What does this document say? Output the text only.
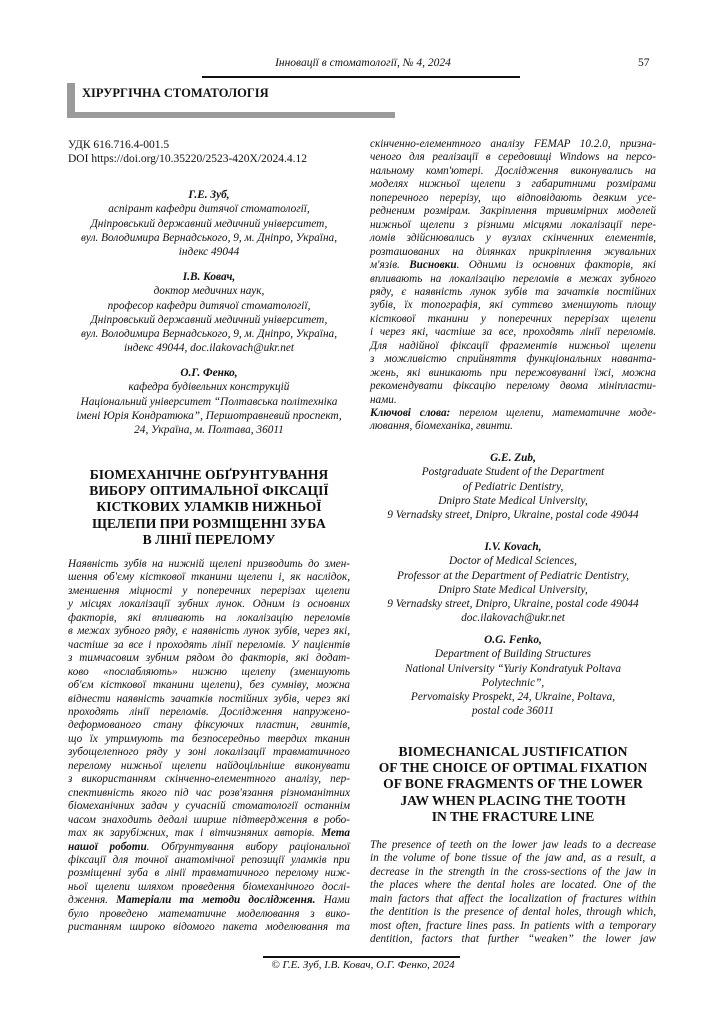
Інновації в стоматології, № 4, 2024	57
ХІРУРГІЧНА СТОМАТОЛОГІЯ
УДК 616.716.4-001.5
DOI https://doi.org/10.35220/2523-420X/2024.4.12
Г.Е. Зуб,
аспірант кафедри дитячої стоматології,
Дніпровський державний медичний університет,
вул. Володимира Вернадського, 9, м. Дніпро, Україна,
індекс 49044
І.В. Ковач,
доктор медичних наук,
професор кафедри дитячої стоматології,
Дніпровський державний медичний університет,
вул. Володимира Вернадського, 9, м. Дніпро, Україна,
індекс 49044, doc.ilakovach@ukr.net
О.Г. Фенко,
кафедра будівельних конструкцій
Національний університет “Полтавська політехніка
імені Юрія Кондратюка”, Першотравневий проспект,
24, Україна, м. Полтава, 36011
БІОМЕХАНІЧНЕ ОБҐРУНТУВАННЯ
ВИБОРУ ОПТИМАЛЬНОЇ ФІКСАЦІЇ
КІСТКОВИХ УЛАМКІВ НИЖНЬОЇ
ЩЕЛЕПИ ПРИ РОЗМІЩЕННІ ЗУБА
В ЛІНІЇ ПЕРЕЛОМУ
Наявність зубів на нижній щелепі призводить до змен-
шення об'єму кісткової тканини щелепи і, як наслідок,
зменшення міцності у поперечних перерізах щелепи
у місцях локалізації зубних лунок. Одним із основних
факторів, які впливають на локалізацію переломів
в межах зубного ряду, є наявність лунок зубів, через які,
частіше за все і проходять лінії переломів. У пацієнтів
з тимчасовим зубним рядом до факторів, які додат-
ково «послабляють» нижню щелепу (зменшують
об'єм кісткової тканини щелепи), без сумніву, можна
віднести наявність зачатків постійних зубів, через які
проходять лінії переломів. Дослідження напружено-
деформованого стану фіксуючих пластин, гвинтів,
що їх утримують та безпосередньо твердих тканин
зубощелепного ряду у зоні локалізації травматичного
перелому нижньої щелепи найдоцільніше виконувати
з використанням скінченно-елементного аналізу, пер-
спективність якого під час розв'язання різноманітних
біомеханічних задач у сучасній стоматології останнім
часом знаходить дедалі ширше підтвердження в робо-
тах як зарубіжних, так і вітчизняних авторів. Мета
нашої роботи. Обґрунтування вибору раціональної
фіксації для точної анатомічної репозиції уламків при
розміщенні зуба в лінії травматичного перелому ниж-
ньої щелепи шляхом проведення біомеханічного дослі-
дження. Матеріали та методи дослідження. Нами
було проведено математичне моделювання з вико-
ристанням широко відомого пакета моделювання та
скінченно-елементного аналізу FEMAP 10.2.0, призна-
ченого для реалізації в середовищі Windows на персо-
нальному комп'ютері. Дослідження виконувались на
моделях нижньої щелепи з габаритними розмірами
поперечного перерізу, що відповідають деяким усе-
редненим розмірам. Закріплення тривимірних моделей
нижньої щелепи з різними місцями локалізації пере-
ломів здійснювались у вузлах скінченних елементів,
розташованих на ділянках прикріплення жувальних
м'язів. Висновки. Одними із основних факторів, які
впливають на локалізацію переломів в межах зубного
ряду, є наявність лунок зубів та зачатків постійних
зубів, їх топографія, які суттєво зменшують площу
кісткової тканини у поперечних перерізах щелепи
і через які, частіше за все, проходять лінії переломів.
Для надійної фіксації фрагментів нижньої щелепи
з можливістю сприйняття функціональних наванта-
жень, які виникають при пережовуванні їжі, можна
рекомендувати фіксацію перелому двома мініпласти-
нами.
Ключові слова: перелом щелепи, математичне моде-
лювання, біомеханіка, гвинти.
G.E. Zub,
Postgraduate Student of the Department
of Pediatric Dentistry,
Dnipro State Medical University,
9 Vernadsky street, Dnipro, Ukraine, postal code 49044
I.V. Kovach,
Doctor of Medical Sciences,
Professor at the Department of Pediatric Dentistry,
Dnipro State Medical University,
9 Vernadsky street, Dnipro, Ukraine, postal code 49044
doc.ilakovach@ukr.net
O.G. Fenko,
Department of Building Structures
National University “Yuriy Kondratyuk Poltava
Polytechnic”,
Pervomaisky Prospekt, 24, Ukraine, Poltava,
postal code 36011
BIOMECHANICAL JUSTIFICATION
OF THE CHOICE OF OPTIMAL FIXATION
OF BONE FRAGMENTS OF THE LOWER
JAW WHEN PLACING THE TOOTH
IN THE FRACTURE LINE
The presence of teeth on the lower jaw leads to a decrease
in the volume of bone tissue of the jaw and, as a result, a
decrease in the strength in the cross-sections of the jaw in
the places where the dental holes are located. One of the
main factors that affect the localization of fractures within
the dentition is the presence of dental holes, through which,
most often, fracture lines pass. In patients with a temporary
dentition, factors that further “weaken” the lower jaw
© Г.Е. Зуб, І.В. Ковач, О.Г. Фенко, 2024
